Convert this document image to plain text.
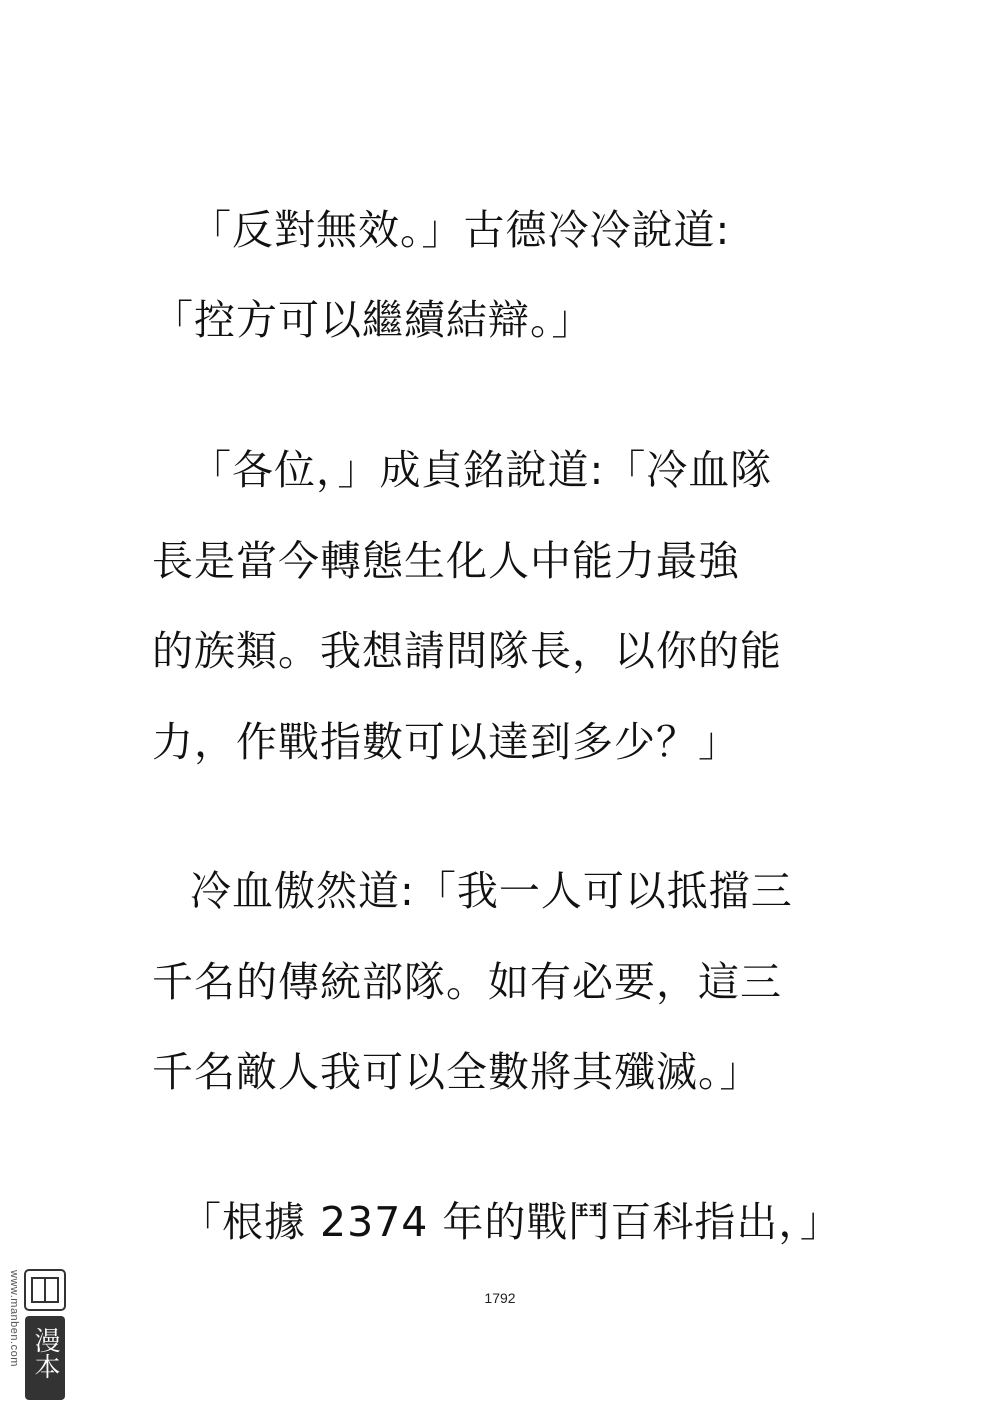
「反對無效。」古德冷冷說道:
「控方可以繼續結辯。」
「各位，」成貞銘說道:「冷血隊
長是當今轉態生化人中能力最強
的族類。我想請問隊長，以你的能
力，作戰指數可以達到多少？」
冷血傲然道:「我一人可以抵擋三
千名的傳統部隊。如有必要，這三
千名敵人我可以全數將其殲滅。」
「根據 2374 年的戰鬥百科指出，」
1792
www.manben.com 漫本
